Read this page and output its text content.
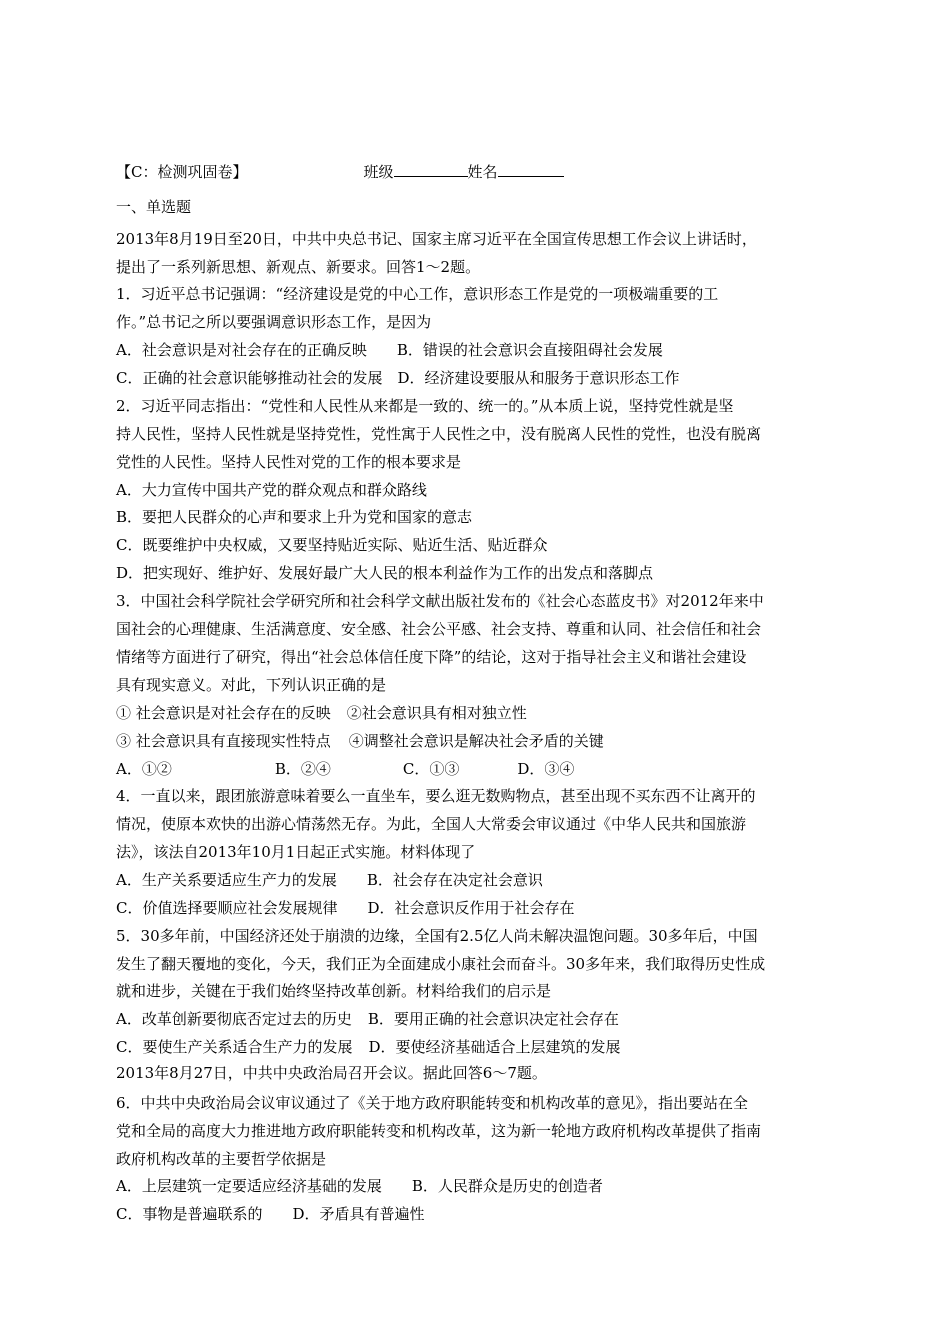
【C：检测巩固卷】	班级	姓名
一、单选题
2013年8月19日至20日，中共中央总书记、国家主席习近平在全国宣传思想工作会议上讲话时，
提出了一系列新思想、新观点、新要求。回答1～2题。
1．习近平总书记强调：“经济建设是党的中心工作，意识形态工作是党的一项极端重要的工
作。”总书记之所以要强调意识形态工作，是因为
A．社会意识是对社会存在的正确反映 B．错误的社会意识会直接阻碍社会发展
C．正确的社会意识能够推动社会的发展 D．经济建设要服从和服务于意识形态工作
2．习近平同志指出：“党性和人民性从来都是一致的、统一的。”从本质上说，坚持党性就是坚
持人民性，坚持人民性就是坚持党性，党性寓于人民性之中，没有脱离人民性的党性，也没有脱离
党性的人民性。坚持人民性对党的工作的根本要求是
A．大力宣传中国共产党的群众观点和群众路线
B．要把人民群众的心声和要求上升为党和国家的意志
C．既要维护中央权威，又要坚持贴近实际、贴近生活、贴近群众
D．把实现好、维护好、发展好最广大人民的根本利益作为工作的出发点和落脚点
3．中国社会科学院社会学研究所和社会科学文献出版社发布的《社会心态蓝皮书》对2012年来中
国社会的心理健康、生活满意度、安全感、社会公平感、社会支持、尊重和认同、社会信任和社会
情绪等方面进行了研究，得出“社会总体信任度下降”的结论，这对于指导社会主义和谐社会建设
具有现实意义。对此，下列认识正确的是
① 社会意识是对社会存在的反映 ②社会意识具有相对独立性
③ 社会意识具有直接现实性特点 ④调整社会意识是解决社会矛盾的关键
A．①②	B．②④	C．①③	D．③④
4．一直以来，跟团旅游意味着要么一直坐车，要么逛无数购物点，甚至出现不买东西不让离开的
情况，使原本欢快的出游心情荡然无存。为此，全国人大常委会审议通过《中华人民共和国旅游
法》，该法自2013年10月1日起正式实施。材料体现了
A．生产关系要适应生产力的发展 B．社会存在决定社会意识
C．价值选择要顺应社会发展规律 D．社会意识反作用于社会存在
5．30多年前，中国经济还处于崩溃的边缘，全国有2.5亿人尚未解决温饱问题。30多年后，中国
发生了翻天覆地的变化，今天，我们正为全面建成小康社会而奋斗。30多年来，我们取得历史性成
就和进步，关键在于我们始终坚持改革创新。材料给我们的启示是
A．改革创新要彻底否定过去的历史 B．要用正确的社会意识决定社会存在
C．要使生产关系适合生产力的发展 D．要使经济基础适合上层建筑的发展
2013年8月27日，中共中央政治局召开会议。据此回答6～7题。
6．中共中央政治局会议审议通过了《关于地方政府职能转变和机构改革的意见》，指出要站在全
党和全局的高度大力推进地方政府职能转变和机构改革，这为新一轮地方政府机构改革提供了指南
政府机构改革的主要哲学依据是
A．上层建筑一定要适应经济基础的发展 B．人民群众是历史的创造者
C．事物是普遍联系的 D．矛盾具有普遍性
